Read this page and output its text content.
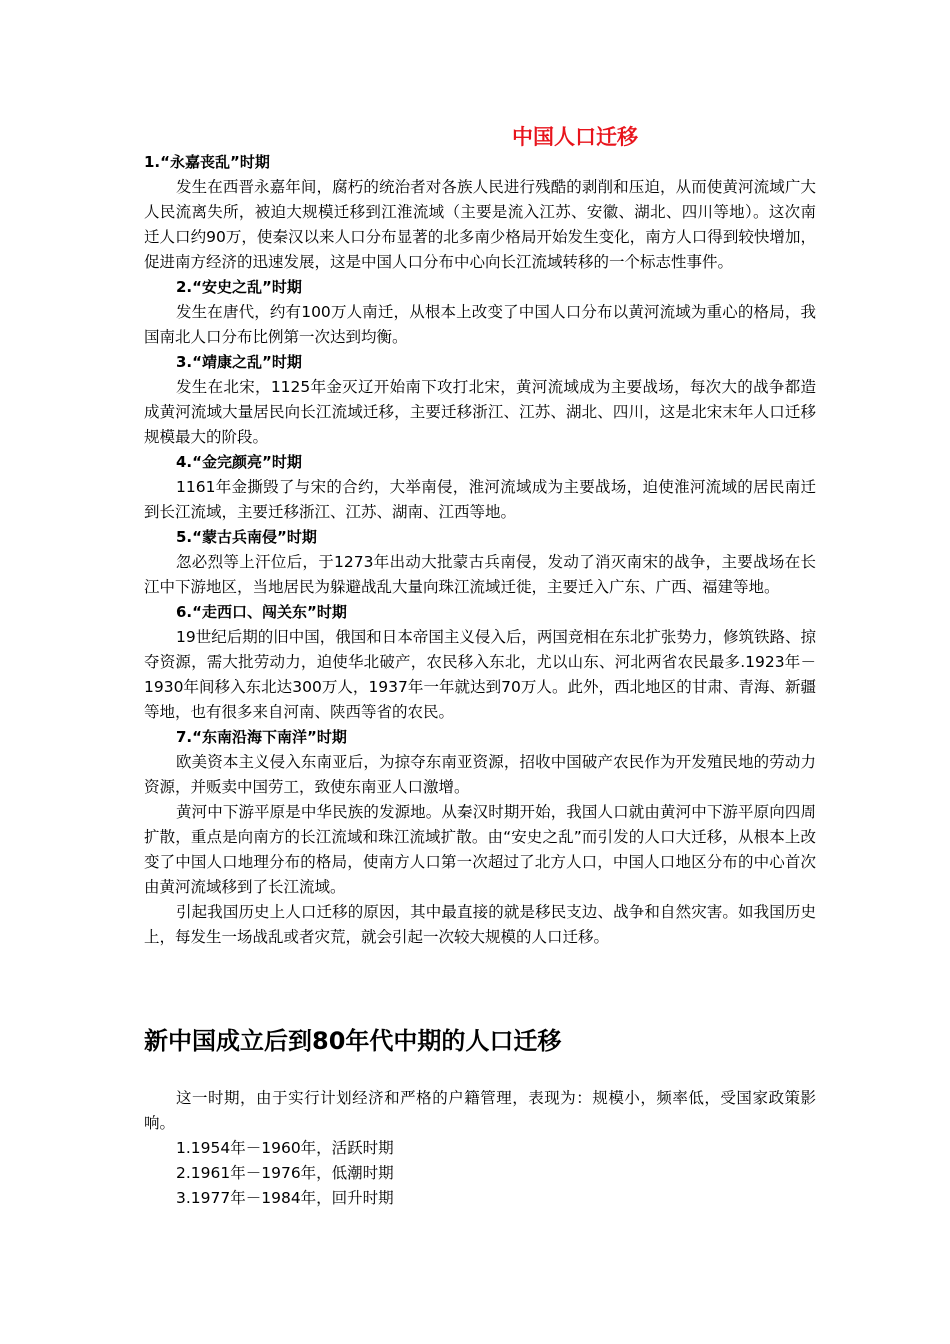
中国人口迁移
1.“永嘉丧乱”时期

发生在西晋永嘉年间，腐朽的统治者对各族人民进行残酷的剥削和压迫，从而使黄河流域广大人民流离失所，被迫大规模迁移到江淮流域（主要是流入江苏、安徽、湖北、四川等地）。这次南迁人口约90万，使秦汉以来人口分布显著的北多南少格局开始发生变化，南方人口得到较快增加，促进南方经济的迅速发展，这是中国人口分布中心向长江流域转移的一个标志性事件。

2.“安史之乱”时期

发生在唐代，约有100万人南迁，从根本上改变了中国人口分布以黄河流域为重心的格局，我国南北人口分布比例第一次达到均衡。

3.“靖康之乱”时期

发生在北宋，1125年金灭辽开始南下攻打北宋，黄河流域成为主要战场，每次大的战争都造成黄河流域大量居民向长江流域迁移，主要迁移浙江、江苏、湖北、四川，这是北宋末年人口迁移规模最大的阶段。

4.“金完颜亮”时期

1161年金撕毁了与宋的合约，大举南侵，淮河流域成为主要战场，迫使淮河流域的居民南迁到长江流域，主要迁移浙江、江苏、湖南、江西等地。

5.“蒙古兵南侵”时期

忽必烈等上汗位后，于1273年出动大批蒙古兵南侵，发动了消灭南宋的战争，主要战场在长江中下游地区，当地居民为躲避战乱大量向珠江流域迁徙，主要迁入广东、广西、福建等地。

6.“走西口、闯关东”时期

19世纪后期的旧中国，俄国和日本帝国主义侵入后，两国竞相在东北扩张势力，修筑铁路、掠夺资源，需大批劳动力，迫使华北破产，农民移入东北，尤以山东、河北两省农民最多.1923年－1930年间移入东北达300万人，1937年一年就达到70万人。此外，西北地区的甘肃、青海、新疆等地，也有很多来自河南、陕西等省的农民。

7.“东南沿海下南洋”时期

欧美资本主义侵入东南亚后，为掠夺东南亚资源，招收中国破产农民作为开发殖民地的劳动力资源，并贩卖中国劳工，致使东南亚人口激增。

黄河中下游平原是中华民族的发源地。从秦汉时期开始，我国人口就由黄河中下游平原向四周扩散，重点是向南方的长江流域和珠江流域扩散。由“安史之乱”而引发的人口大迁移，从根本上改变了中国人口地理分布的格局，使南方人口第一次超过了北方人口，中国人口地区分布的中心首次由黄河流域移到了长江流域。

引起我国历史上人口迁移的原因，其中最直接的就是移民支边、战争和自然灾害。如我国历史上，每发生一场战乱或者灾荒，就会引起一次较大规模的人口迁移。

新中国成立后到80年代中期的人口迁移

这一时期，由于实行计划经济和严格的户籍管理，表现为：规模小，频率低，受国家政策影响。

1.1954年－1960年，活跃时期
2.1961年－1976年，低潮时期
3.1977年－1984年，回升时期
